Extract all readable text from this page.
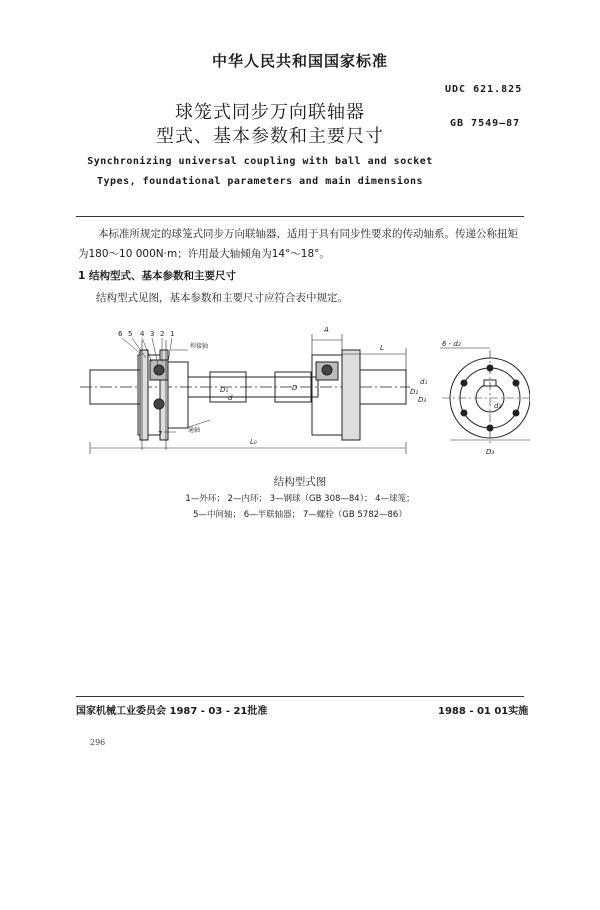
中华人民共和国国家标准
UDC 621.825
球笼式同步万向联轴器
GB 7549—87
型式、基本参数和主要尺寸
Synchronizing universal coupling with ball and socket
Types, foundational parameters and main dimensions
本标准所规定的球笼式同步万向联轴器，适用于具有同步性要求的传动轴系。传递公称扭矩为180～10 000N·m；许用最大轴倾角为14°～18°。
1 结构型式、基本参数和主要尺寸
结构型式见图，基本参数和主要尺寸应符合表中规定。
6 5 4 3 2 1
7
焊接轴
通轴
A
L
L₀
D
D₁
d
D₂
D₃
d₁
d₂
D₃
6 - d₂
结构型式图
1—外环； 2—内环； 3—钢球（GB 308—84）； 4—球笼；
5—中间轴； 6—半联轴器； 7—螺栓（GB 5782—86）
国家机械工业委员会 1987 - 03 - 21批准	1988 - 01 01实施
296
